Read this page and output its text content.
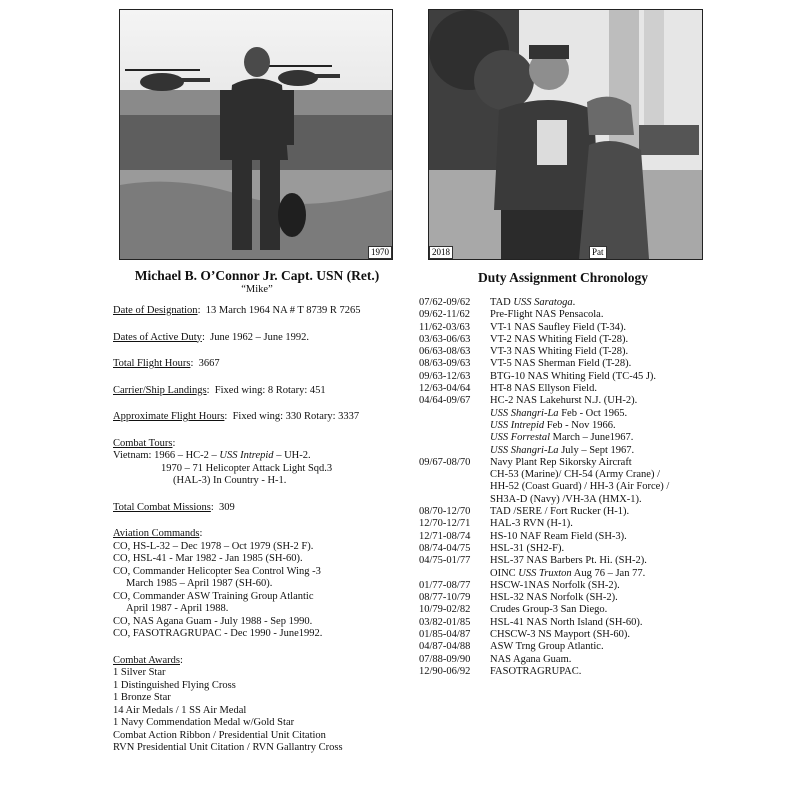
1970	2018	Pat
Michael B. O’Connor Jr. Capt. USN (Ret.)
“Mike”
Duty Assignment Chronology
Date of Designation:  13 March 1964 NA # T 8739 R 7265
Dates of Active Duty:  June 1962 – June 1992.
Total Flight Hours:  3667
Carrier/Ship Landings:  Fixed wing: 8 Rotary: 451
Approximate Flight Hours:  Fixed wing: 330 Rotary: 3337
Combat Tours:
Vietnam: 1966 – HC-2 – USS Intrepid – UH-2.
1970 – 71 Helicopter Attack Light Sqd.3
(HAL-3) In Country - H-1.
Total Combat Missions:  309
Aviation Commands:
CO, HS-L-32 – Dec 1978 – Oct 1979 (SH-2 F).
CO, HSL-41 - Mar 1982 - Jan 1985 (SH-60).
CO, Commander Helicopter Sea Control Wing -3
March 1985 – April 1987 (SH-60).
CO, Commander ASW Training Group Atlantic
April 1987 - April 1988.
CO, NAS Agana Guam - July 1988 - Sep 1990.
CO, FASOTRAGRUPAC - Dec 1990 - June1992.
Combat Awards:
1 Silver Star
1 Distinguished Flying Cross
1 Bronze Star
14 Air Medals / 1 SS Air Medal
1 Navy Commendation Medal w/Gold Star
Combat Action Ribbon / Presidential Unit Citation
RVN Presidential Unit Citation / RVN Gallantry Cross
07/62-09/62	TAD USS Saratoga.
09/62-11/62	Pre-Flight NAS Pensacola.
11/62-03/63	VT-1 NAS Saufley Field (T-34).
03/63-06/63	VT-2 NAS Whiting Field (T-28).
06/63-08/63	VT-3 NAS Whiting Field (T-28).
08/63-09/63	VT-5 NAS Sherman Field (T-28).
09/63-12/63	BTG-10 NAS Whiting Field (TC-45 J).
12/63-04/64	HT-8 NAS Ellyson Field.
04/64-09/67	HC-2 NAS Lakehurst N.J. (UH-2).
USS Shangri-La Feb - Oct 1965.
USS Intrepid Feb - Nov 1966.
USS Forrestal March – June1967.
USS Shangri-La July – Sept 1967.
09/67-08/70	Navy Plant Rep Sikorsky Aircraft
CH-53 (Marine)/ CH-54 (Army Crane) /
HH-52 (Coast Guard) / HH-3 (Air Force) /
SH3A-D (Navy) /VH-3A (HMX-1).
08/70-12/70	TAD /SERE / Fort Rucker (H-1).
12/70-12/71	HAL-3 RVN (H-1).
12/71-08/74	HS-10 NAF Ream Field (SH-3).
08/74-04/75	HSL-31 (SH2-F).
04/75-01/77	HSL-37 NAS Barbers Pt. Hi. (SH-2).
OINC USS Truxton Aug 76 – Jan 77.
01/77-08/77	HSCW-1NAS Norfolk (SH-2).
08/77-10/79	HSL-32 NAS Norfolk (SH-2).
10/79-02/82	Crudes Group-3 San Diego.
03/82-01/85	HSL-41 NAS North Island (SH-60).
01/85-04/87	CHSCW-3 NS Mayport (SH-60).
04/87-04/88	ASW Trng Group Atlantic.
07/88-09/90	NAS Agana Guam.
12/90-06/92	FASOTRAGRUPAC.
